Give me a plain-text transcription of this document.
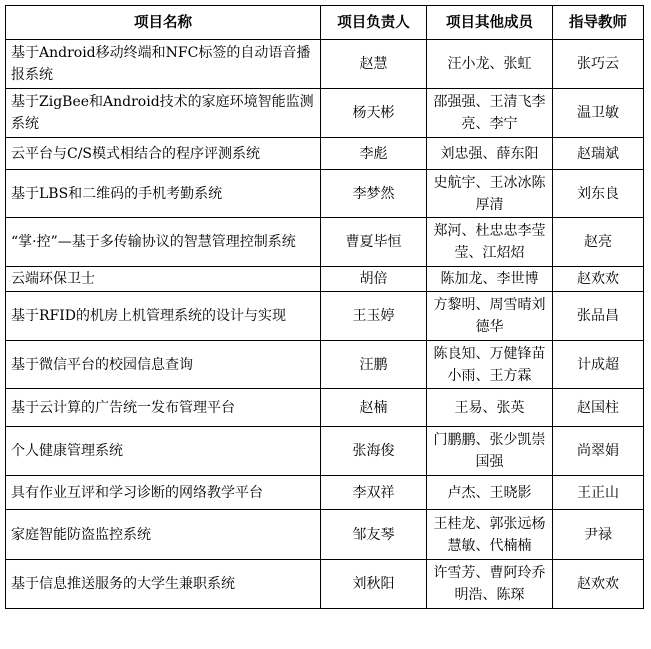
项目名称	项目负责人	项目其他成员	指导教师
基于Android移动终端和NFC标签的自动语音播报系统	赵慧	汪小龙、张虹	张巧云
基于ZigBee和Android技术的家庭环境智能监测系统	杨天彬	邵强强、王清飞李亮、李宁	温卫敏
云平台与C/S模式相结合的程序评测系统	李彪	刘忠强、薛东阳	赵瑞斌
基于LBS和二维码的手机考勤系统	李梦然	史航宇、王冰冰陈厚清	刘东良
“掌·控”—基于多传输协议的智慧管理控制系统	曹夏毕恒	郑河、杜忠忠李莹莹、江炤炤	赵亮
云端环保卫士	胡倍	陈加龙、李世博	赵欢欢
基于RFID的机房上机管理系统的设计与实现	王玉婷	方黎明、周雪晴刘德华	张品昌
基于微信平台的校园信息查询	汪鹏	陈良知、万健锋苗小雨、王方霖	计成超
基于云计算的广告统一发布管理平台	赵楠	王易、张英	赵国柱
个人健康管理系统	张海俊	门鹏鹏、张少凯崇国强	尚翠娟
具有作业互评和学习诊断的网络教学平台	李双祥	卢杰、王晓影	王正山
家庭智能防盗监控系统	邹友琴	王桂龙、郭张远杨慧敏、代楠楠	尹禄
基于信息推送服务的大学生兼职系统	刘秋阳	许雪芳、曹阿玲乔明浩、陈琛	赵欢欢
